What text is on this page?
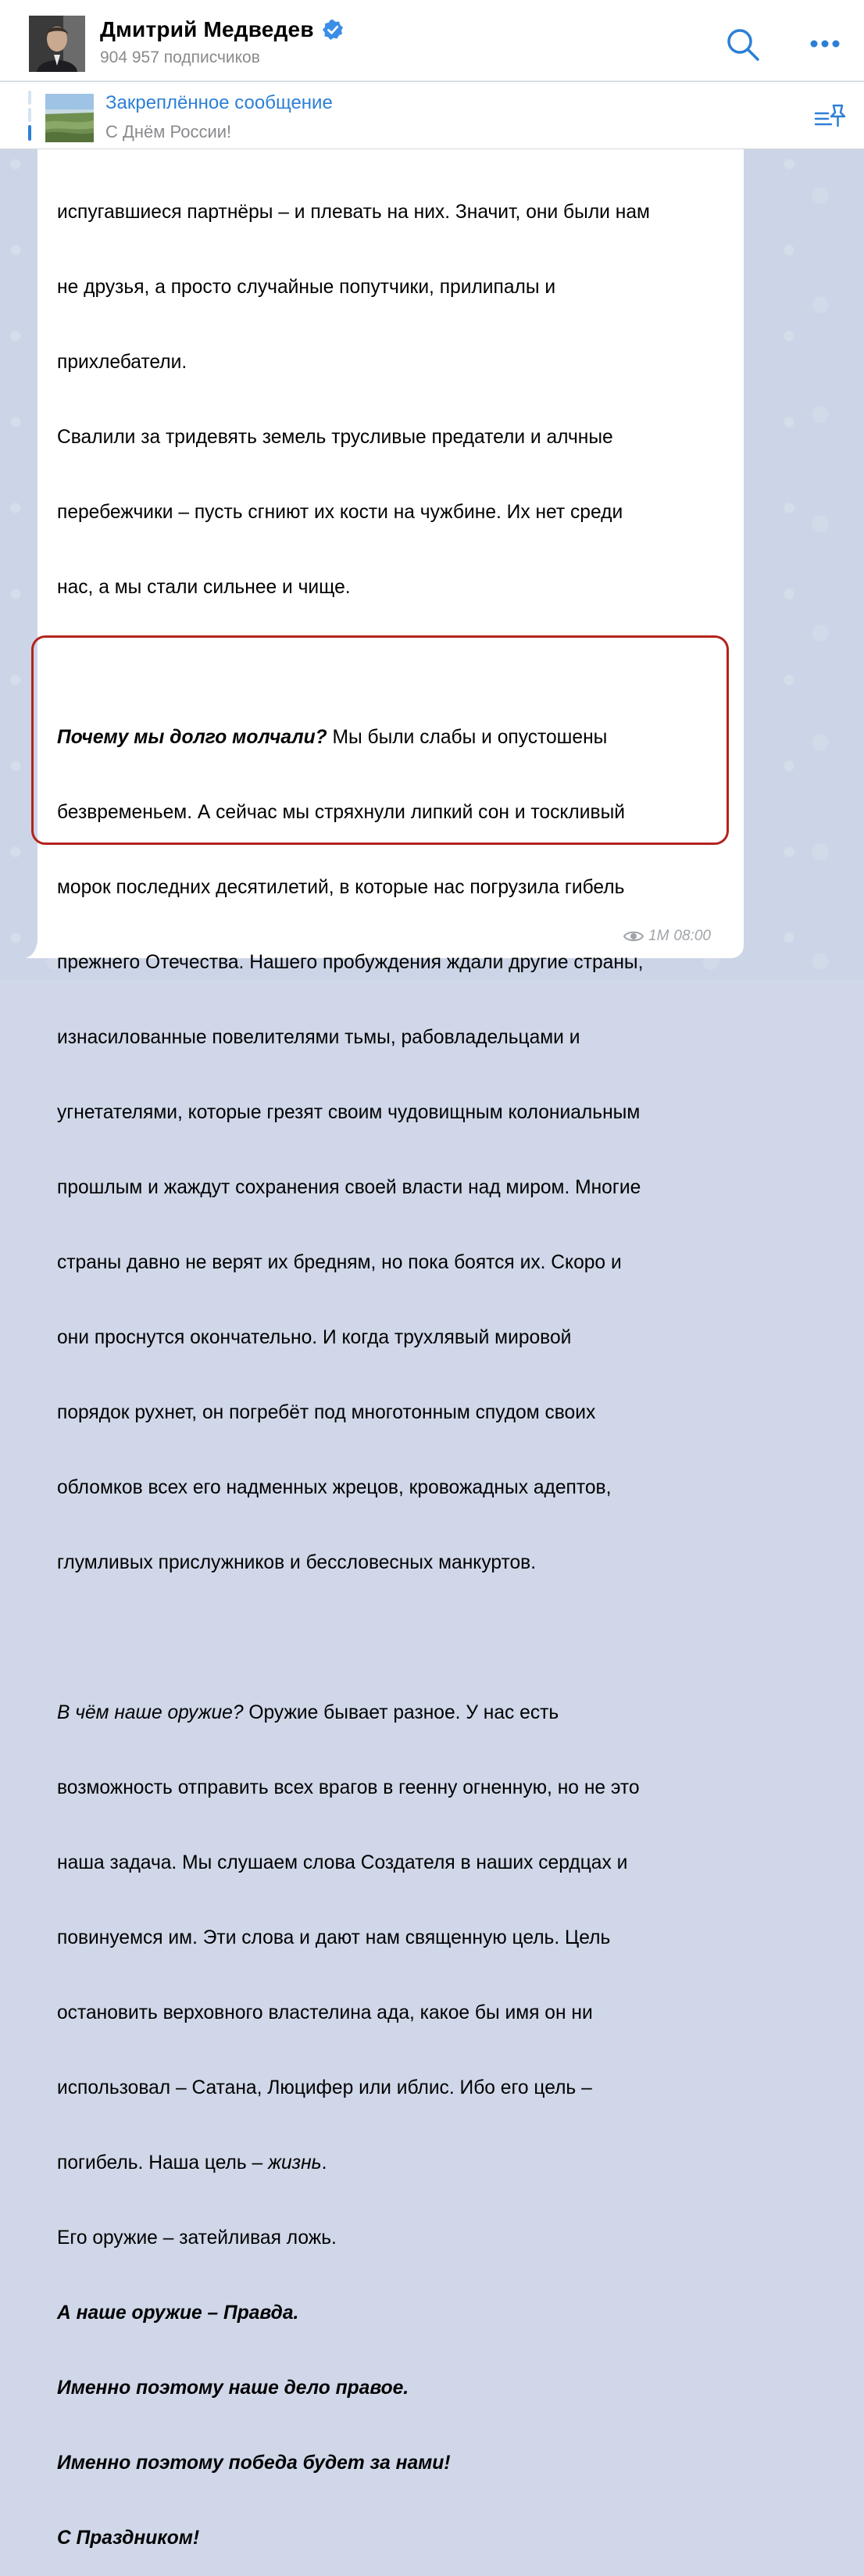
испугавшиеся партнёры – и плевать на них. Значит, они были нам

не друзья, а просто случайные попутчики, прилипалы и

прихлебатели.

Свалили за тридевять земель трусливые предатели и алчные

перебежчики – пусть сгниют их кости на чужбине. Их нет среди

нас, а мы стали сильнее и чище.

Почему мы долго молчали? Мы были слабы и опустошены

безвременьем. А сейчас мы стряхнули липкий сон и тоскливый

морок последних десятилетий, в которые нас погрузила гибель

прежнего Отечества. Нашего пробуждения ждали другие страны,

изнасилованные повелителями тьмы, рабовладельцами и

угнетателями, которые грезят своим чудовищным колониальным

прошлым и жаждут сохранения своей власти над миром. Многие

страны давно не верят их бредням, но пока боятся их. Скоро и

они проснутся окончательно. И когда трухлявый мировой

порядок рухнет, он погребёт под многотонным спудом своих

обломков всех его надменных жрецов, кровожадных адептов,

глумливых прислужников и бессловесных манкуртов.

В чём наше оружие? Оружие бывает разное. У нас есть

возможность отправить всех врагов в геенну огненную, но не это

наша задача. Мы слушаем слова Создателя в наших сердцах и

повинуемся им. Эти слова и дают нам священную цель. Цель

остановить верховного властелина ада, какое бы имя он ни

использовал – Сатана, Люцифер или иблис. Ибо его цель –

погибель. Наша цель – жизнь.

Его оружие – затейливая ложь.

А наше оружие – Правда.

Именно поэтому наше дело правое.

Именно поэтому победа будет за нами!

С Праздником!

1M 08:00
Дмитрий Медведев
904 957 подписчиков
Закреплённое сообщение
С Днём России!
